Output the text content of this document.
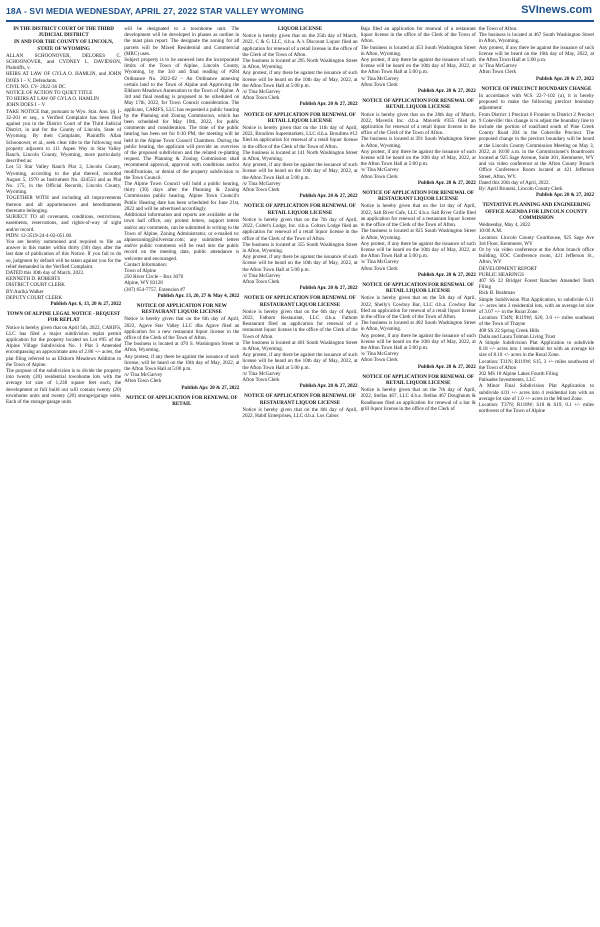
18A - SVI MEDIA WEDNESDAY, APRIL 27, 2022 STAR VALLEY WYOMING	SVInews.com
IN THE DISTRICT COURT OF THE THIRD JUDICIAL DISTRICT
IN AND FOR THE COUNTY OF LINCOLN, STATE OF WYOMING

ALLAN SCHOONOVER, DELORES C. SCHOONOVER, and CYDNEY L. DAVIDSON, Plaintiffs, v.

HEIRS AT LAW OF GYLA O. HAMLIN, and JOHN DOES I – V, Defendants.

CIVIL NO. CV- 2022-36 DC

NOTICE OF ACTION TO QUIET TITLE

TO HEIRS AT LAW OF GYLA O. HAMLIN

JOHN DOES I – V

TAKE NOTICE that, pursuant to Wyo. Stat. Ann. §§ 1-32-201 et seq., a Verified Complaint has been filed against you in the District Court of the Third Judicial District, in and for the County of Lincoln, State of Wyoming. By their Complaint, Plaintiffs Allan Schoonover, et al., seek clear title to the following real property adjacent to 111 Aspen Way in Star Valley Ranch, Lincoln County, Wyoming, more particularly described as:

Lot 51 Star Valley Ranch Plat 2, Lincoln County, Wyoming, according to the plat thereof, recorded August 5, 1970 as Instrument No. 424553 and as Plat No. 175, in the Official Records, Lincoln County, Wyoming.

TOGETHER WITH and including all improvements thereon and all appurtenances and hereditaments thereunto belonging.

SUBJECT TO all covenants, conditions, restrictions, easements, reservations, and rights-of-way of sight and/or record.

PIDN: 12-3519-24-4-02-051.00.

You are hereby summoned and required to file an answer in this matter within thirty (30) days after the last date of publication of this Notice. If you fail to do so, judgment by default will be taken against you for the relief demanded in the Verified Complaint.

DATED this 30th day of March, 2022.

KENNETH D. ROBERTS

DISTRICT COURT CLERK

BY:Aarika Walker

DEPUTY COURT CLERK

Publish Apr. 6, 13, 20 & 27, 2022
TOWN OF ALPINE LEGAL NOTICE - REQUEST FOR REPLAT

Notice is hereby given that on April 5th, 2022, CARIFS, LLC has filed a major subdivision replat permit application for the property located on Lot #95 of the Alpine Village Subdivision No. 1 Plat 3 Amended encompassing an approximate area of 2.86 +/- acres, the plat filing referred to as Elkhorn Meadows Addition to the Town of Alpine.

The purpose of the subdivision is to divide the property into twenty (20) residential townhome lots with the average lot size of 1,238 square feet each, the development at full build out will contain twenty (20) townhome units and twenty (20) storage/garage units. Each of the storage/garage units

will be designated to a townhome unit. The development will be developed in phases as outline in the mast plan report. The designate the zoning for all parcels will be Mixed Residential and Commercial (MRC) uses.

Subject property is to be annexed into the incorporated limits of the Town of Alpine, Lincoln County, Wyoming, by the 3rd and final reading of #284 Ordinance No. 2022-02 – An Ordinance annexing certain land to the Town of Alpine and Approving the Elkhorn Meadows Annexation to the Town of Alpine. A 3rd and final reading is proposed to be scheduled on May 17th, 2022, for Town Council consideration. The applicant, CARIFS, LLC has requested a public hearing by the Planning and Zoning Commission, which has been scheduled for May 10th, 2022, for public comments and consideration. The time of the public hearing has been set for 6:30 PM, the meeting will be held in the Alpine Town Council Chambers. During the public hearing, the applicant will provide an overview of the proposed subdivision and the related re-platting request. The Planning & Zoning Commission shall recommend approval, approval with conditions and/or modifications, or denial of the property subdivision to the Town Council.

The Alpine Town Council will hold a public hearing, thirty (30) days after the Planning & Zoning Commission public hearing. Alpine Town Council's Public Hearing date has been scheduled for June 21st, 2022 and will be advertised accordingly.

Additional information and reports are available at the town hall office, any protest letters, support letters and/or any comments, can be submitted in writing to the Town of Alpine, Zoning Administrator, or e-mailed to: alpinezoning@silverstar.com; any submitted letters and/or public comments will be read into the public record on the meeting date, public attendance is welcome and encouraged.

Contact Information:

Town of Alpine

250 River Circle – Box 3070

Alpine, WY 83128

(307) 654-7757, Extension #7

Publish Apr. 13, 20, 27 & May 4, 2022
NOTICE OF APPLICATION FOR NEW RESTAURANT LIQUOR LICENSE

Notice is hereby given that on the 6th day of April, 2022, Agave Star Valley LLC dba Agave filed an application for a new restaurant liquor license in the office of the Clerk of the Town of Afton.

The business is located at 470 S. Washington Street in Afton, Wyoming.

Any protest, if any there be against the issuance of such license, will be heard on the 10th day of May, 2022, at the Afton Town Hall at 5:00 p.m.

/s/ Tina McGarvey

Afton Town Clerk

Publish Apr. 20 & 27, 2022
NOTICE OF APPLICATION FOR RENEWAL OF RETAIL
LIQUOR LICENSE

Notice is hereby given that on the 25th day of March, 2022, C & G LLC, d.b.a. A.'s Discount Liquor filed an application for renewal of a retail license in the office of the Clerk of the Town of Afton.

The business is located at 295 North Washington Street in Afton, Wyoming.

Any protest, if any there be against the issuance of such license will be heard on the 10th day of May, 2022, at the Afton Town Hall at 5:00 p.m.

/s/ Tina McGarvey

Afton Town Clerk

Publish Apr. 20 & 27, 2022
NOTICE OF APPLICATION FOR RENEWAL OF RETAIL LIQUOR LICENSE

Notice is hereby given that on the 11th day of April, 2022, Broulims Supermarkets, LLC d.b.a. Broulims #12 filed an application for renewal of a retail liquor license in the office of the Clerk of the Town of Afton.

The business is located at 141 North Washington Street in Afton, Wyoming.

Any protest, if any there be against the issuance of such license will be heard on the 10th day of May, 2022, at the Afton Town Hall at 5:00 p.m.

/s/ Tina McGarvey

Afton Town Clerk

Publish Apr. 20 & 27, 2022
NOTICE OF APPLICATION FOR RENEWAL OF RETAIL LIQUOR LICENSE

Notice is hereby given that on the 7th day of April, 2022, Colter's Lodge, Inc. d.b.a. Colters Lodge filed an application for renewal of a retail liquor license in the office of the Clerk of the Town of Afton.

The business is located at 355 South Washington Street in Afton, Wyoming.

Any protest, if any there be against the issuance of such license will be heard on the 10th day of May, 2022, at the Afton Town Hall at 5:00 p.m.

/s/ Tina McGarvey

Afton Town Clerk

Publish Apr. 20 & 27, 2022
NOTICE OF APPLICATION FOR RENEWAL OF RESTAURANT LIQUOR LICENSE

Notice is hereby given that on the 6th day of April, 2022, Fathom Restaurant, LLC d.b.a. Fathom Restaurant filed an application for renewal of a restaurant liquor license in the office of the Clerk of the Town of Afton.

The business is located at 461 South Washington Street in Afton, Wyoming.

Any protest, if any there be against the issuance of such license will be heard on the 10th day of May, 2022, at the Afton Town Hall at 5:00 p.m.

/s/ Tina McGarvey

Afton Town Clerk

Publish Apr. 20 & 27, 2022
NOTICE OF APPLICATION FOR RENEWAL OF RESTAURANT LIQUOR LICENSE

Notice is hereby given that on the 6th day of April, 2022, Habif Enterprises, LLC d.b.a. Los Cabos

Baja filed an application for renewal of a restaurant liquor license in the office of the Clerk of the Town of Afton.

The business is located at 453 South Washington Street in Afton, Wyoming.

Any protest, if any there be against the issuance of such license will be heard on the 10th day of May, 2022, at the Afton Town Hall at 5:00 p.m.

/s/ Tina McGarvey

Afton Town Clerk

Publish Apr. 20 & 27, 2022
NOTICE OF APPLICATION FOR RENEWAL OF RETAIL LIQUOR LICENSE

Notice is hereby given that on the 28th day of March, 2022, Maverik Inc. d.b.a. Maverik #355 filed an application for renewal of a retail liquor license in the office of the Clerk of the Town of Afton.

The business is located at 391 South Washington Street in Afton, Wyoming.

Any protest, if any there be against the issuance of such license will be heard on the 10th day of May, 2022, at the Afton Town Hall at 5:00 p.m.

/s/ Tina McGarvey

Afton Town Clerk

Publish Apr. 20 & 27, 2022
NOTICE OF APPLICATION FOR RENEWAL OF RESTAURANT LIQUOR LICENSE

Notice is hereby given that on the 1st day of April, 2022, Salt River Cafe, LLC d.b.a. Salt River Grille filed an application for renewal of a restaurant liquor license in the office of the Clerk of the Town of Afton.

The business is located at 825 South Washington Street in Afton, Wyoming.

Any protest, if any there be against the issuance of such license will be heard on the 10th day of May, 2022, at the Afton Town Hall at 5:00 p.m.

/s/ Tina McGarvey

Afton Town Clerk

Publish Apr. 20 & 27, 2022
NOTICE OF APPLICATION FOR RENEWAL OF RETAIL LIQUOR LICENSE

Notice is hereby given that on the 5th day of April, 2022, Shelly's Cowboy Bar, LLC d.b.a. Cowboy Bar filed an application for renewal of a retail liquor license in the office of the Clerk of the Town of Afton.

The business is located at 482 South Washington Street in Afton, Wyoming.

Any protest, if any there be against the issuance of such license will be heard on the 10th day of May, 2022, at the Afton Town Hall at 5:00 p.m.

/s/ Tina McGarvey

Afton Town Clerk

Publish Apr. 20 & 27, 2022
NOTICE OF APPLICATION FOR RENEWAL OF RETAIL LIQUOR LICENSE

Notice is hereby given that on the 7th day of April, 2022, Stellas 467, LLC d.b.a. Stellas 467 Doughnuts & Roadhouse filed an application for renewal of a bar & grill liquor license in the office of the Clerk of

the Town of Afton.

The business is located at 467 South Washington Street in Afton, Wyoming.

Any protest, if any there be against the issuance of such license will be heard on the 10th day of May, 2022, at the Afton Town Hall at 5:00 p.m.

/s/ Tina McGarvey

Afton Town Clerk

Publish Apr. 20 & 27, 2022
NOTICE OF PRECINCT BOUNDARY CHANGE

In accordance with W.S. 22-7-102 (a), it is hereby proposed to make the following precinct boundary adjustment:

From District 1 Precinct 6 Frontier to District 2 Precinct 9 Cokeville: this change is to adjust the boundary line to include the portion of road/land south of Pine Creek County Road 204 in the Cokeville Precinct. The proposed change in the precinct boundary will be heard at the Lincoln County Commission Meeting on May 3, 2022, at 10:00 a.m. in the Commissioner's Boardroom located at 925 Sage Avenue, Suite 301, Kemmerer, WY and via video conference at the Afton County Branch Office Conference Room located at 421 Jefferson Street, Afton, WY.

Dated this 20th day of April, 2022.

By: April Brunski, Lincoln County Clerk

Publish Apr. 20 & 27, 2022
TENTATIVE PLANNING AND ENGINEERING OFFICE AGENDA FOR LINCOLN COUNTY COMMISSION

Wednesday, May 4, 2022

10:00 A.M.

Location: Lincoln County Courthouse, 925 Sage Ave 3rd Floor, Kemmerer, WY

Or by via video conference at the Afton branch office building, EOC Conference room, 421 Jefferson St., Afton, WY

DEVELOPMENT REPORT

PUBLIC HEARINGS

407 SS 22 Bridger Forest Ranches Amended Tenth Filing

Rick B. Bushman

Simple Subdivision Plat Application, to subdivide 6.11 +/- acres into 2 residential lots, with an average lot size of 3.07 +/- in the Rural Zone.

Location: T34N; R119W; S20, 3.0 +/- miles southeast of the Town of Thayne

408 SS 22 Spring Creek Hills

Dulla and Laura Tolman Living Trust

A Simple Subdivision Plat Application to subdivide 8.18 +/- acres into 1 residential lot with an average lot size of 8.18 +/- acres in the Rural Zone.

Location: T31N; R119W; S15, 3 +/- miles southwest of the Town of Afton

202 MS 18 Alpine Lakes Fourth Filing

Palisades Investments, LLC

A Minor Final Subdivision Plat Application to subdivide 4.01 +/- acres into 4 residential lots with an average lot size of 1.0 +/- acres in the Mixed Zone.

Location: T37N; R118W; S18 & S19, 0.1 +/- miles northwest of the Town of Alpine
